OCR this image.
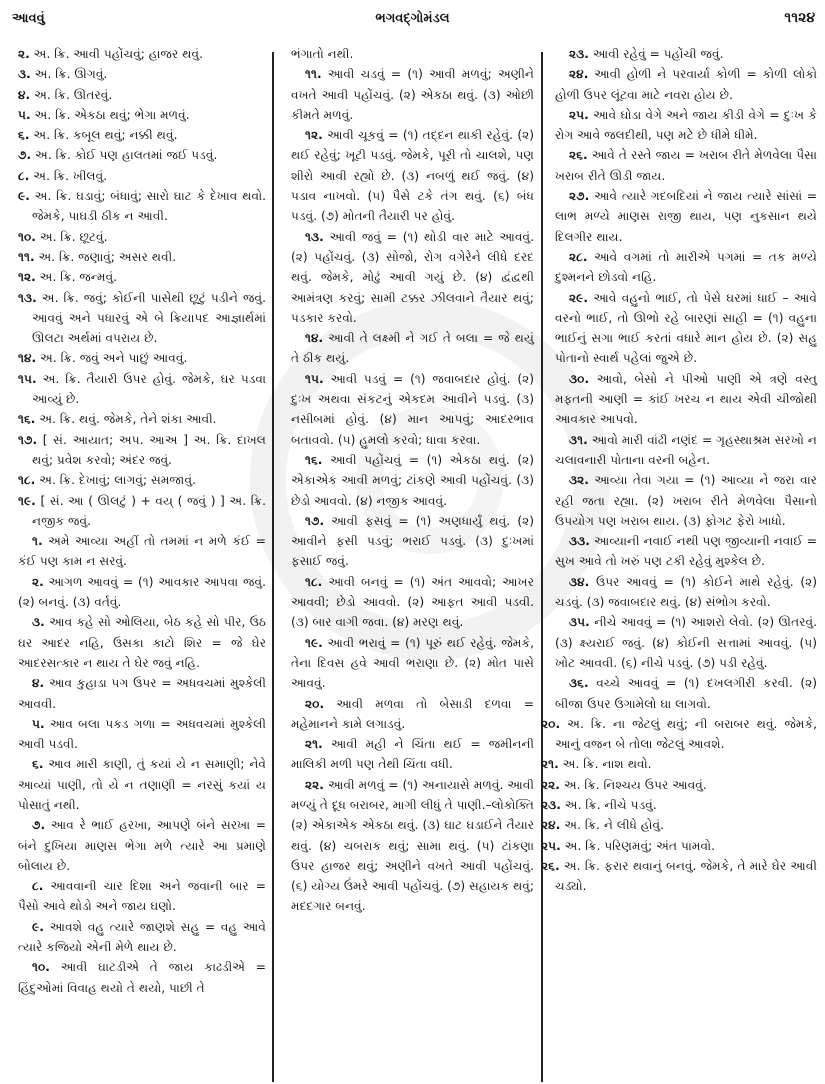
આવવું	ભગવદ્ગોમંડલ	૧૧૨૪

૨. અ. ક્રિ. આવી પહોંચવું; હાજર થવું.

૩. અ. ક્રિ. ઊગવું.

૪. અ. ક્રિ. ઊતરવું.

૫. અ. ક્રિ. એકઠા થવું; ભેગા મળવું.

૬. અ. ક્રિ. કબૂલ થવું; નક્કી થવું.

૭. અ. ક્રિ. કોઈ પણ હાલતમાં જઈ પડવું.

૮. અ. ક્રિ. ખીલવું.

૯. અ. ક્રિ. ઘડાવું; બંધાવું; સારો ઘાટ કે દેખાવ થવો. જેમકે, પાઘડી ઠીક ન આવી.

૧૦. અ. ક્રિ. છૂટવું.

૧૧. અ. ક્રિ. જણાવું; અસર થવી.

૧૨. અ. ક્રિ. જન્મવું.

૧૩. અ. ક્રિ. જવું; કોઈની પાસેથી છૂટું પડીને જવું. આવવું અને પધારવું એ બે ક્રિયાપદ આજ્ઞાર્થમાં ઊલટા અર્થમાં વપરાય છે.

૧૪. અ. ક્રિ. જવું અને પાછું આવવું.

૧૫. અ. ક્રિ. તૈયારી ઉપર હોવું. જેમકે, ઘર પડવા આવ્યું છે.

૧૬. અ. ક્રિ. થવું. જેમકે, તેને શંકા આવી.

૧૭. [ સં. આયાત; અપ. આઅ ] અ. ક્રિ. દાખલ થવું; પ્રવેશ કરવો; અંદર જવું.

૧૮. અ. ક્રિ. દેખાવું; લાગવું; સમજાવું.

૧૯. [ સં. આ ( ઊલટું ) + વય્ ( જવું ) ] અ. ક્રિ. નજીક જવું.

૧. અમે આવ્યા અહીં તો તમમાં ન મળે કંઈ = કંઈ પણ કામ ન સરવું.

૨. આગળ આવવું = (૧) આવકાર આપવા જવું. (૨) બનવું. (૩) વર્તવું.

૩. આવ કહે સો ઓલિયા, બેઠ કહે સો પીર, ઉઠ ઘર આદર નહિ, ઉસકા કાટો શિર = જે ઘેર આદરસત્કાર ન થાય તે ઘેર જવું નહિ.

૪. આવ કુહાડા પગ ઉપર = અધવચમાં મુશ્કેલી આવવી.

૫. આવ બલા પકડ ગળા = અધવચમાં મુશ્કેલી આવી પડવી.

૬. આવ મારી કાણી, તું કયાં યે ન સમાણી; નેવે આવ્યાં પાણી, તો યે ન તણાણી = નરસું કયાં ય પોસાતું નથી.

૭. આવ રે ભાઈ હરખા, આપણે બંને સરખા = બંને દુખિયા માણસ ભેગા મળે ત્યારે આ પ્રમાણે બોલાય છે.

૮. આવવાની ચાર દિશા અને જવાની બાર = પૈસો આવે થોડો અને જાય ઘણો.

૯. આવશે વહુ ત્યારે જાણશે સહુ = વહુ આવે ત્યારે કજિયો એની મેળે થાય છે.

૧૦. આવી ઘાટડીએ તે જાય કાઢડીએ = હિંદુઓમાં વિવાહ થયો તે થયો, પાછી તે

ભંગાતો નથી.

૧૧. આવી ચડવું = (૧) આવી મળવું; અણીને વખતે આવી પહોંચવું. (૨) એકઠા થવું. (૩) ઓછી કીમતે મળવું.

૧૨. આવી ચૂકવું = (૧) તદ્દન થાકી રહેવું. (૨) થઈ રહેવું; ખૂટી પડવું. જેમકે, પૂરી તો ચાલશે, પણ શીરો આવી રહ્યો છે. (૩) નબળું થઈ જવું. (૪) પડાવ નાખવો. (૫) પૈસે ટકે તંગ થવું. (૬) બંધ પડવું. (૭) મોતની તૈયારી પર હોવું.

૧૩. આવી જવું = (૧) થોડી વાર માટે આવવું. (૨) પહોંચવું. (૩) સોજો, રોગ વગેરેને લીધે દરદ થવું. જેમકે, મોઢું આવી ગયું છે. (૪) દ્વંદ્વથી આમંત્રણ કરવું; સામી ટક્કર ઝીલવાને તૈયાર થવું; પડકાર કરવો.

૧૪. આવી તે લક્ષ્મી ને ગઈ તે બલા = જે થયું તે ઠીક થયું.

૧૫. આવી પડવું = (૧) જવાબદાર હોવું. (૨) દુઃખ અથવા સંકટનું એકદમ આવીને પડવું. (૩) નસીબમાં હોવું. (૪) માન આપવું; આદરભાવ બતાવવો. (૫) હુમલો કરવો; ધાવા કરવા.

૧૬. આવી પહોંચવું = (૧) એકઠા થવું. (૨) એકાએક આવી મળવું; ટાંકણે આવી પહોંચવું. (૩) છેડો આવવો. (૪) નજીક આવવું.

૧૭. આવી ફસવું = (૧) અણધાર્યું થવું. (૨) આવીને ફસી પડવું; ભરાઈ પડવું. (૩) દુઃખમાં ફસાઈ જવું.

૧૮. આવી બનવું = (૧) અંત આવવો; આખર આવવી; છેડો આવવો. (૨) આફત આવી પડવી. (૩) બાર વાગી જવા. (૪) મરણ થવું.

૧૯. આવી ભરાવું = (૧) પૂરું થઈ રહેવું. જેમકે, તેના દિવસ હવે આવી ભરાણા છે. (૨) મોત પાસે આવવું.

૨૦. આવી મળવા તો બેસાડી દળવા = મહેમાનને કામે લગાડવું.

૨૧. આવી મહી ને ચિંતા થઈ = જમીનની માલિકી મળી પણ તેથી ચિંતા વધી.

૨૨. આવી મળવું = (૧) અનાયાસે મળવું. આવી મળ્યું તે દૂધ બરાબર, માગી લીધું તે પાણી.–લોકોક્તિ (૨) એકાએક એકઠા થવું. (૩) ઘાટ ઘડાઈને તૈયાર થવું. (૪) ચબરાક થવું; સામા થવું. (૫) ટાંકણા ઉપર હાજર થવું; અણીને વખતે આવી પહોંચવું. (૬) યોગ્ય ઉંમરે આવી પહોંચવું. (૭) સહાયક થવું; મદદગાર બનવું.

૨૩. આવી રહેવું = પહોંચી જવું.

૨૪. આવી હોળી ને પરવાર્યા કોળી = કોળી લોકો હોળી ઉપર લૂંટવા માટે નવરા હોય છે.

૨૫. આવે ઘોડા વેગે અને જાય કીડી વેગે = દુઃખ કે રોગ આવે જલદીથી, પણ મટે છે ધીમે ધીમે.

૨૬. આવે તે રસ્તે જાય = ખરાબ રીતે મેળવેલા પૈસા ખરાબ રીતે ઊડી જાય.

૨૭. આવે ત્યારે ગદબદિયાં ને જાય ત્યારે સાંસાં = લાભ મળ્યે માણસ રાજી થાય, પણ નુકસાન થયે દિલગીર થાય.

૨૮. આવે વગમાં તો મારીએ પગમાં = તક મળ્યે દુશ્મનને છોડવો નહિ.

૨૯. આવે વહુનો ભાઈ, તો પેસે ઘરમાં ધાઈ – આવે વરનો ભાઈ, તો ઊભો રહે બારણાં સાહી = (૧) વહુના ભાઈનું સગા ભાઈ કરતાં વધારે માન હોય છે. (૨) સહુ પોતાનો સ્વાર્થ પહેલાં જુએ છે.

૩૦. આવો, બેસો ને પીઓ પાણી એ ત્રણે વસ્તુ મફતની આણી = કાંઈ ખરચ ન થાય એવી ચીજોથી આવકાર આપવો.

૩૧. આવો મારી વાંઢી નણંદ = ગૃહસ્થાશ્રમ સરખો ન ચલાવનારી પોતાના વરની બહેન.

૩૨. આવ્યા તેવા ગયા = (૧) આવ્યા ને જરા વાર રહી જતા રહ્યા. (૨) ખરાબ રીતે મેળવેલા પૈસાનો ઉપયોગ પણ ખરાબ થાય. (૩) ફોગટ ફેરો ખાધો.

૩૩. આવ્યાની નવાઈ નથી પણ જીવ્યાની નવાઈ = સુખ આવે તો ખરું પણ ટકી રહેવું મુશ્કેલ છે.

૩૪. ઉપર આવવું = (૧) કોઈને માથે રહેવું. (૨) ચડવું. (૩) જવાબદાર થવું. (૪) સંભોગ કરવો.

૩૫. નીચે આવવું = (૧) આશરો લેવો. (૨) ઊતરવું. (૩) ક્ષ્યરાઈ જવું. (૪) કોઈની સત્તામાં આવવું. (૫) ખોટ આવવી. (૬) નીચે પડવું. (૭) પડી રહેવું.

૩૬. વચ્ચે આવવું = (૧) દખલગીરી કરવી. (૨) બીજા ઉપર ઉગામેલો ઘા લાગવો.

૨૦. અ. ક્રિ. ના જેટલું થવું; ની બરાબર થવું. જેમકે, આનું વજન બે તોલા જેટલું આવશે.

૨૧. અ. ક્રિ. નાશ થવો.

૨૨. અ. ક્રિ. નિશ્ચય ઉપર આવવું.

૨૩. અ. ક્રિ. નીચે પડવું.

૨૪. અ. ક્રિ. ને લીધે હોવું.

૨૫. અ. ક્રિ. પરિણમવું; અંત પામવો.

૨૬. અ. ક્રિ. ફરાર થવાનું બનવું. જેમકે, તે મારે ઘેર આવી ચડ્યો.
